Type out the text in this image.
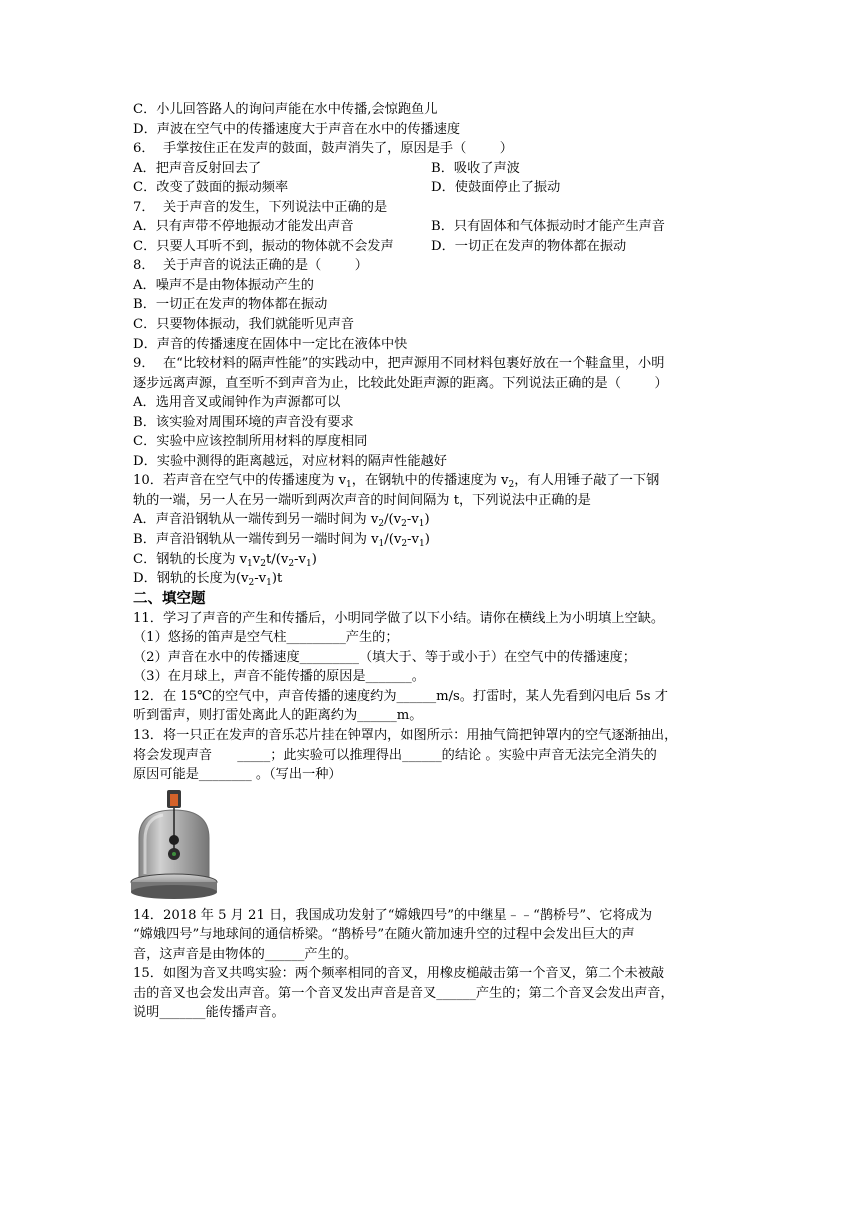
C．小儿回答路人的询问声能在水中传播,会惊跑鱼儿
D．声波在空气中的传播速度大于声音在水中的传播速度
6．  手掌按住正在发声的鼓面，鼓声消失了，原因是手（        ）
A．把声音反射回去了	B．吸收了声波
C．改变了鼓面的振动频率	D．使鼓面停止了振动
7．  关于声音的发生，下列说法中正确的是
A．只有声带不停地振动才能发出声音	B．只有固体和气体振动时才能产生声音
C．只要人耳听不到，振动的物体就不会发声	D．一切正在发声的物体都在振动
8．  关于声音的说法正确的是（        ）
A．噪声不是由物体振动产生的
B．一切正在发声的物体都在振动
C．只要物体振动，我们就能听见声音
D．声音的传播速度在固体中一定比在液体中快
9．  在“比较材料的隔声性能”的实践动中，把声源用不同材料包裹好放在一个鞋盒里，小明
逐步远离声源，直至听不到声音为止，比较此处距声源的距离。下列说法正确的是（        ）
A．选用音叉或闹钟作为声源都可以
B．该实验对周围环境的声音没有要求
C．实验中应该控制所用材料的厚度相同
D．实验中测得的距离越远，对应材料的隔声性能越好
10．若声音在空气中的传播速度为 $v_1$，在钢轨中的传播速度为 $v_2$，有人用锤子敲了一下钢
轨的一端，另一人在另一端听到两次声音的时间间隔为 t，下列说法中正确的是
A．声音沿钢轨从一端传到另一端时间为 $v_2/(v_2-v_1)$
B．声音沿钢轨从一端传到另一端时间为 $v_1/(v_2-v_1)$
C．钢轨的长度为 $v_1v_2t/(v_2-v_1)$
D．钢轨的长度为$(v_2-v_1)t$
二、填空题
11．学习了声音的产生和传播后，小明同学做了以下小结。请你在横线上为小明填上空缺。
（1）悠扬的笛声是空气柱_________产生的；
（2）声音在水中的传播速度_________（填大于、等于或小于）在空气中的传播速度；
（3）在月球上，声音不能传播的原因是_______。
12．在 15℃的空气中，声音传播的速度约为______m/s。打雷时，某人先看到闪电后 5s 才
听到雷声，则打雷处离此人的距离约为______m。
13．将一只正在发声的音乐芯片挂在钟罩内，如图所示：用抽气筒把钟罩内的空气逐渐抽出，
将会发现声音      _____；此实验可以推理得出______的结论 。实验中声音无法完全消失的
原因可能是________ 。（写出一种）
14．2018 年 5 月 21 日，我国成功发射了“嫦娥四号”的中继星﹣﹣“鹊桥号”、它将成为
“嫦娥四号”与地球间的通信桥梁。“鹊桥号”在随火箭加速升空的过程中会发出巨大的声
音，这声音是由物体的______产生的。
15．如图为音叉共鸣实验：两个频率相同的音叉，用橡皮槌敲击第一个音叉，第二个未被敲
击的音叉也会发出声音。第一个音叉发出声音是音叉______产生的；第二个音叉会发出声音，
说明_______能传播声音。
